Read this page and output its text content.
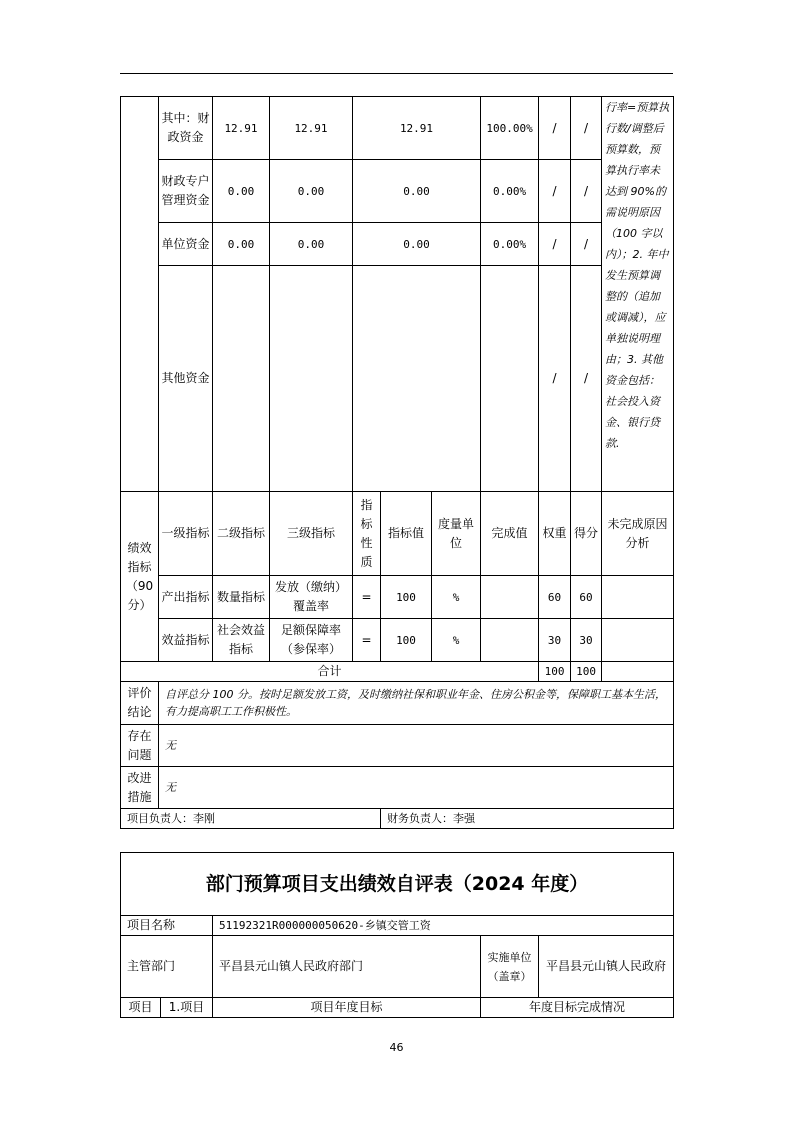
	其中：财政资金	12.91	12.91	12.91			100.00%	/	/	行率=预算执行数/调整后预算数，预算执行率未达到 90%的需说明原因（100 字以内）；2. 年中发生预算调整的（追加或调减），应单独说明理由；3. 其他资金包括：社会投入资金、银行贷款.
	财政专户管理资金	0.00	0.00	0.00			0.00%	/	/	
	单位资金	0.00	0.00	0.00			0.00%	/	/	
	其他资金							/	/	
绩效指标（90分）	一级指标	二级指标	三级指标	指标性质	指标值	度量单位	完成值	权重	得分	未完成原因分析
	产出指标	数量指标	发放（缴纳）覆盖率	=	100	%		60	60	
	效益指标	社会效益指标	足额保障率（参保率）	=	100	%		30	30	
合计								100	100	
评价结论	自评总分 100 分。按时足额发放工资，及时缴纳社保和职业年金、住房公积金等，保障职工基本生活，有力提高职工工作积极性。									
存在问题	无									
改进措施	无									
项目负责人：李刚					财务负责人：李强					
部门预算项目支出绩效自评表（2024 年度）				
项目名称		51192321R000000050620-乡镇交管工资		
主管部门		平昌县元山镇人民政府部门	实施单位（盖章）	平昌县元山镇人民政府
项目	1.项目	项目年度目标	年度目标完成情况	
46
